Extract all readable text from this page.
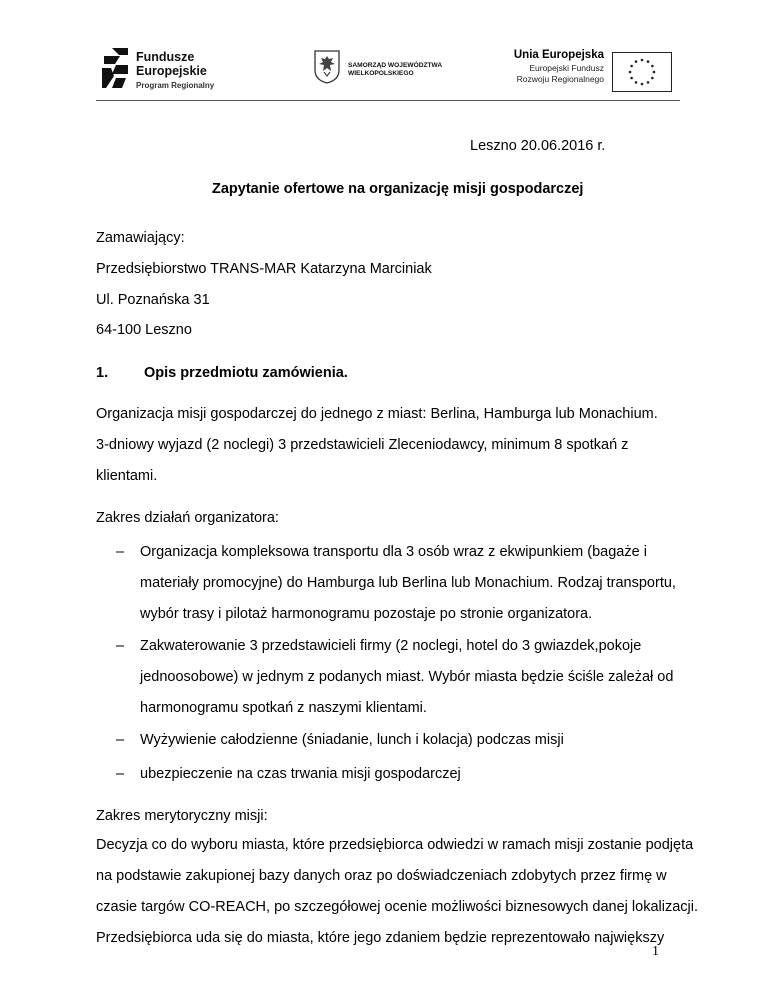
Fundusze
Europejskie
Program Regionalny
SAMORZĄD WOJEWÓDZTWA
WIELKOPOLSKIEGO
Unia Europejska
Europejski Fundusz
Rozwoju Regionalnego
Leszno 20.06.2016 r.
Zapytanie ofertowe na organizację misji gospodarczej
Zamawiający:
Przedsiębiorstwo TRANS-MAR Katarzyna Marciniak
Ul. Poznańska 31
64-100 Leszno
1. Opis przedmiotu zamówienia.
Organizacja misji gospodarczej do jednego z miast: Berlina, Hamburga lub Monachium.
3-dniowy wyjazd (2 noclegi) 3 przedstawicieli Zleceniodawcy, minimum 8 spotkań z
klientami.
Zakres działań organizatora:
– Organizacja kompleksowa transportu dla 3 osób wraz z ekwipunkiem (bagaże i
materiały promocyjne) do Hamburga lub Berlina lub Monachium. Rodzaj transportu,
wybór trasy i pilotaż harmonogramu pozostaje po stronie organizatora.
– Zakwaterowanie 3 przedstawicieli firmy (2 noclegi, hotel do 3 gwiazdek,pokoje
jednoosobowe) w jednym z podanych miast. Wybór miasta będzie ściśle zależał od
harmonogramu spotkań z naszymi klientami.
– Wyżywienie całodzienne (śniadanie, lunch i kolacja) podczas misji
– ubezpieczenie na czas trwania misji gospodarczej
Zakres merytoryczny misji:
Decyzja co do wyboru miasta, które przedsiębiorca odwiedzi w ramach misji zostanie podjęta
na podstawie zakupionej bazy danych oraz po doświadczeniach zdobytych przez firmę w
czasie targów CO-REACH, po szczegółowej ocenie możliwości biznesowych danej lokalizacji.
Przedsiębiorca uda się do miasta, które jego zdaniem będzie reprezentowało największy
1
